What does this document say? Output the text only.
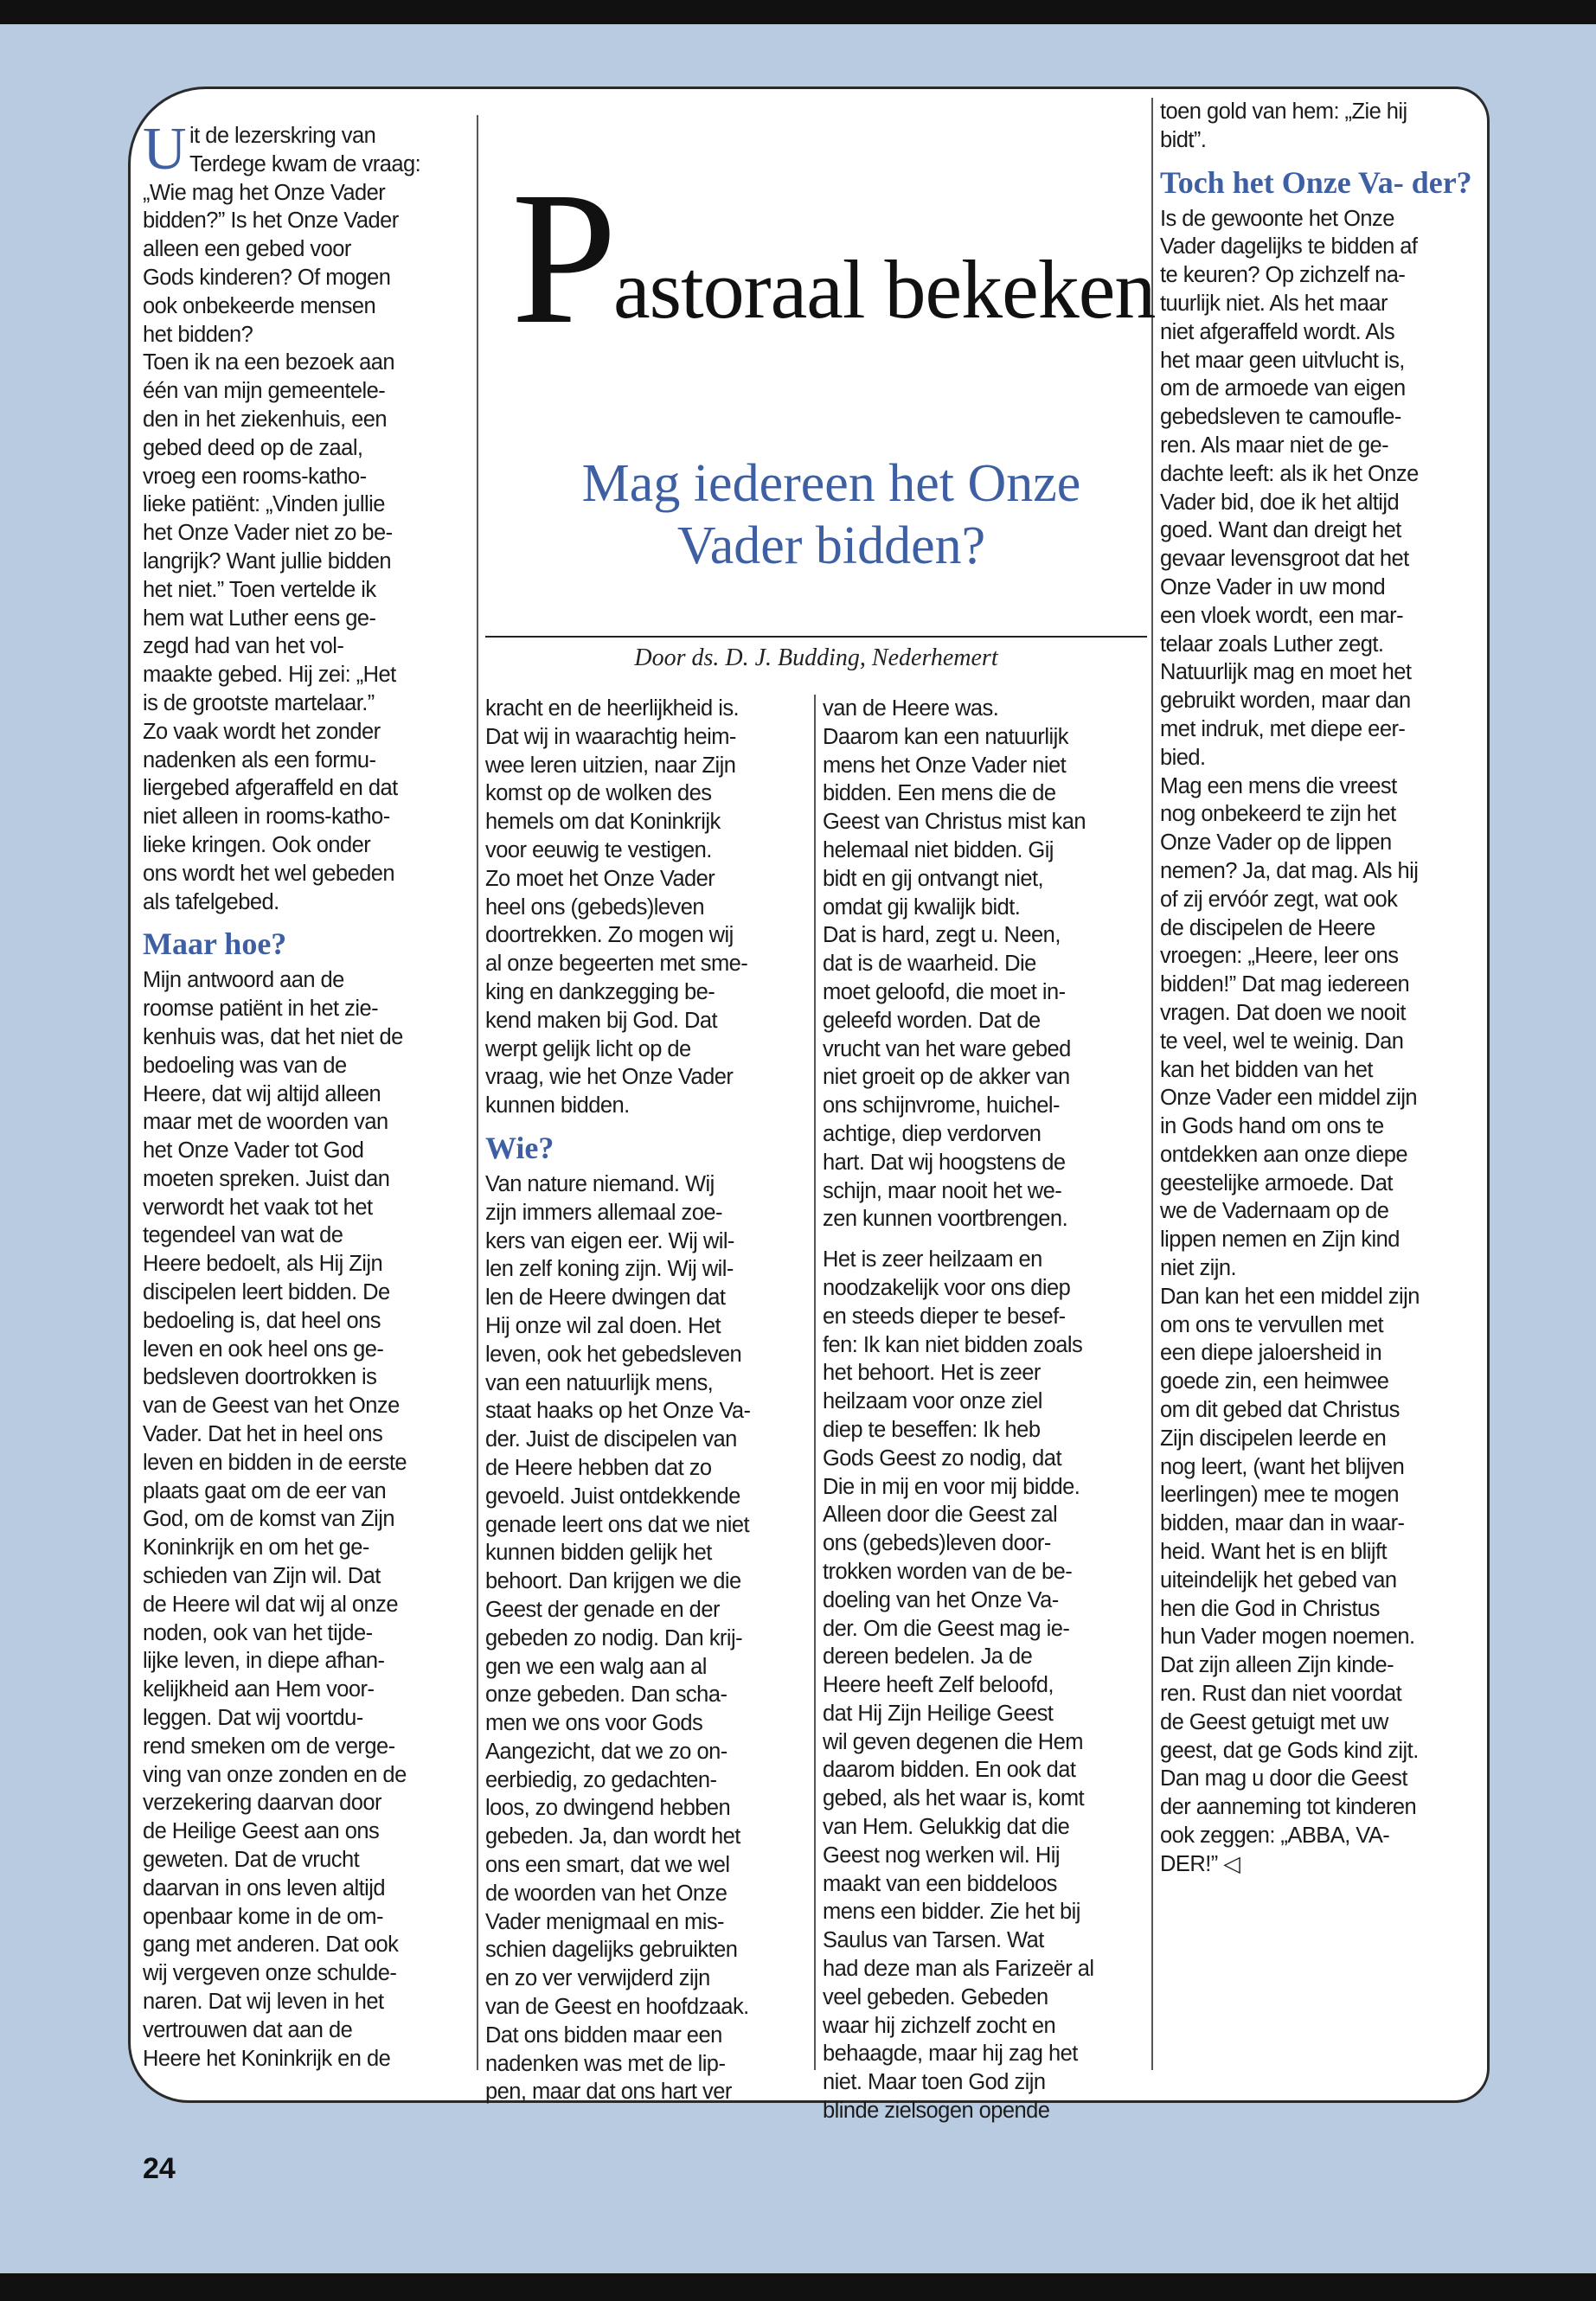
U it de lezerskring van
Terdege kwam de vraag:
„Wie mag het Onze Vader
bidden?” Is het Onze Vader
alleen een gebed voor
Gods kinderen? Of mogen
ook onbekeerde mensen
het bidden?
Toen ik na een bezoek aan
één van mijn gemeentele-
den in het ziekenhuis, een
gebed deed op de zaal,
vroeg een rooms-katho-
lieke patiënt: „Vinden jullie
het Onze Vader niet zo be-
langrijk? Want jullie bidden
het niet.” Toen vertelde ik
hem wat Luther eens ge-
zegd had van het vol-
maakte gebed. Hij zei: „Het
is de grootste martelaar.”
Zo vaak wordt het zonder
nadenken als een formu-
liergebed afgeraffeld en dat
niet alleen in rooms-katho-
lieke kringen. Ook onder
ons wordt het wel gebeden
als tafelgebed.

Maar hoe?

Mijn antwoord aan de
roomse patiënt in het zie-
kenhuis was, dat het niet de
bedoeling was van de
Heere, dat wij altijd alleen
maar met de woorden van
het Onze Vader tot God
moeten spreken. Juist dan
verwordt het vaak tot het
tegendeel van wat de
Heere bedoelt, als Hij Zijn
discipelen leert bidden. De
bedoeling is, dat heel ons
leven en ook heel ons ge-
bedsleven doortrokken is
van de Geest van het Onze
Vader. Dat het in heel ons
leven en bidden in de eerste
plaats gaat om de eer van
God, om de komst van Zijn
Koninkrijk en om het ge-
schieden van Zijn wil. Dat
de Heere wil dat wij al onze
noden, ook van het tijde-
lijke leven, in diepe afhan-
kelijkheid aan Hem voor-
leggen. Dat wij voortdu-
rend smeken om de verge-
ving van onze zonden en de
verzekering daarvan door
de Heilige Geest aan ons
geweten. Dat de vrucht
daarvan in ons leven altijd
openbaar kome in de om-
gang met anderen. Dat ook
wij vergeven onze schulde-
naren. Dat wij leven in het
vertrouwen dat aan de
Heere het Koninkrijk en de

P
astoraal bekeken

Mag iedereen het Onze
Vader bidden?

Door ds. D. J. Budding, Nederhemert

kracht en de heerlijkheid is.
Dat wij in waarachtig heim-
wee leren uitzien, naar Zijn
komst op de wolken des
hemels om dat Koninkrijk
voor eeuwig te vestigen.
Zo moet het Onze Vader
heel ons (gebeds)leven
doortrekken. Zo mogen wij
al onze begeerten met sme-
king en dankzegging be-
kend maken bij God. Dat
werpt gelijk licht op de
vraag, wie het Onze Vader
kunnen bidden.

Wie?

Van nature niemand. Wij
zijn immers allemaal zoe-
kers van eigen eer. Wij wil-
len zelf koning zijn. Wij wil-
len de Heere dwingen dat
Hij onze wil zal doen. Het
leven, ook het gebedsleven
van een natuurlijk mens,
staat haaks op het Onze Va-
der. Juist de discipelen van
de Heere hebben dat zo
gevoeld. Juist ontdekkende
genade leert ons dat we niet
kunnen bidden gelijk het
behoort. Dan krijgen we die
Geest der genade en der
gebeden zo nodig. Dan krij-
gen we een walg aan al
onze gebeden. Dan scha-
men we ons voor Gods
Aangezicht, dat we zo on-
eerbiedig, zo gedachten-
loos, zo dwingend hebben
gebeden. Ja, dan wordt het
ons een smart, dat we wel
de woorden van het Onze
Vader menigmaal en mis-
schien dagelijks gebruikten
en zo ver verwijderd zijn
van de Geest en hoofdzaak.
Dat ons bidden maar een
nadenken was met de lip-
pen, maar dat ons hart ver

van de Heere was.
Daarom kan een natuurlijk
mens het Onze Vader niet
bidden. Een mens die de
Geest van Christus mist kan
helemaal niet bidden. Gij
bidt en gij ontvangt niet,
omdat gij kwalijk bidt.
Dat is hard, zegt u. Neen,
dat is de waarheid. Die
moet geloofd, die moet in-
geleefd worden. Dat de
vrucht van het ware gebed
niet groeit op de akker van
ons schijnvrome, huichel-
achtige, diep verdorven
hart. Dat wij hoogstens de
schijn, maar nooit het we-
zen kunnen voortbrengen.

Het is zeer heilzaam en
noodzakelijk voor ons diep
en steeds dieper te besef-
fen: Ik kan niet bidden zoals
het behoort. Het is zeer
heilzaam voor onze ziel
diep te beseffen: Ik heb
Gods Geest zo nodig, dat
Die in mij en voor mij bidde.
Alleen door die Geest zal
ons (gebeds)leven door-
trokken worden van de be-
doeling van het Onze Va-
der. Om die Geest mag ie-
dereen bedelen. Ja de
Heere heeft Zelf beloofd,
dat Hij Zijn Heilige Geest
wil geven degenen die Hem
daarom bidden. En ook dat
gebed, als het waar is, komt
van Hem. Gelukkig dat die
Geest nog werken wil. Hij
maakt van een biddeloos
mens een bidder. Zie het bij
Saulus van Tarsen. Wat
had deze man als Farizeër al
veel gebeden. Gebeden
waar hij zichzelf zocht en
behaagde, maar hij zag het
niet. Maar toen God zijn
blinde zielsogen opende

toen gold van hem: „Zie hij
bidt”.

Toch het Onze Va- der?

Is de gewoonte het Onze
Vader dagelijks te bidden af
te keuren? Op zichzelf na-
tuurlijk niet. Als het maar
niet afgeraffeld wordt. Als
het maar geen uitvlucht is,
om de armoede van eigen
gebedsleven te camoufle-
ren. Als maar niet de ge-
dachte leeft: als ik het Onze
Vader bid, doe ik het altijd
goed. Want dan dreigt het
gevaar levensgroot dat het
Onze Vader in uw mond
een vloek wordt, een mar-
telaar zoals Luther zegt.
Natuurlijk mag en moet het
gebruikt worden, maar dan
met indruk, met diepe eer-
bied.

Mag een mens die vreest
nog onbekeerd te zijn het
Onze Vader op de lippen
nemen? Ja, dat mag. Als hij
of zij ervóór zegt, wat ook
de discipelen de Heere
vroegen: „Heere, leer ons
bidden!” Dat mag iedereen
vragen. Dat doen we nooit
te veel, wel te weinig. Dan
kan het bidden van het
Onze Vader een middel zijn
in Gods hand om ons te
ontdekken aan onze diepe
geestelijke armoede. Dat
we de Vadernaam op de
lippen nemen en Zijn kind
niet zijn.

Dan kan het een middel zijn
om ons te vervullen met
een diepe jaloersheid in
goede zin, een heimwee
om dit gebed dat Christus
Zijn discipelen leerde en
nog leert, (want het blijven
leerlingen) mee te mogen
bidden, maar dan in waar-
heid. Want het is en blijft
uiteindelijk het gebed van
hen die God in Christus
hun Vader mogen noemen.
Dat zijn alleen Zijn kinde-
ren. Rust dan niet voordat
de Geest getuigt met uw
geest, dat ge Gods kind zijt.
Dan mag u door die Geest
der aanneming tot kinderen
ook zeggen: „ABBA, VA-
DER!” ◁
24
